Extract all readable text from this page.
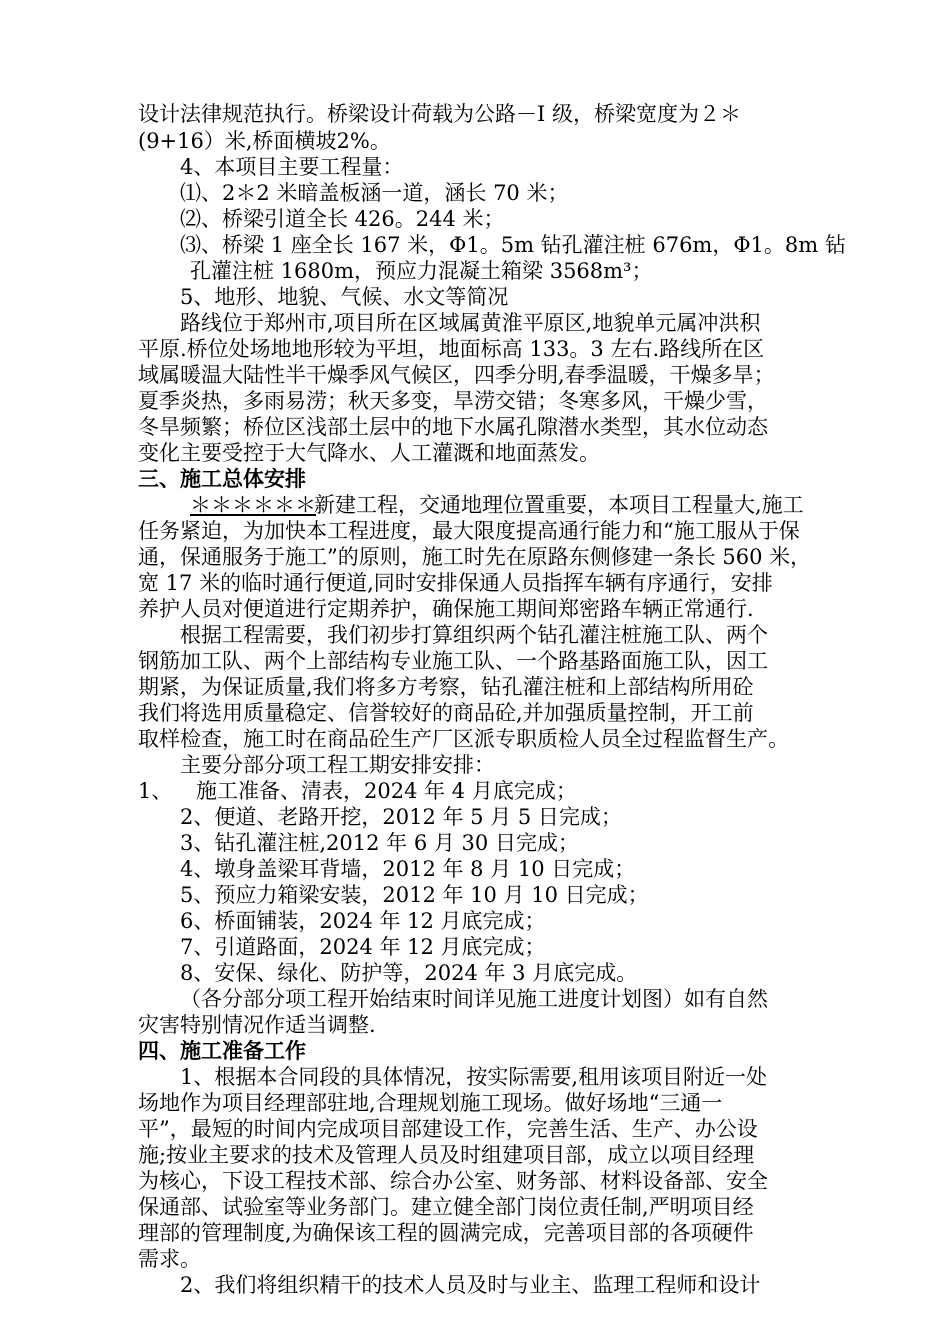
设计法律规范执行。桥梁设计荷载为公路－Ⅰ 级，桥梁宽度为２＊
(9+16）米,桥面横坡2%。
4、本项目主要工程量：
⑴、2＊2 米暗盖板涵一道，涵长 70 米；
⑵、桥梁引道全长 426。244 米；
⑶、桥梁 1 座全长 167 米，Φ1。5m 钻孔灌注桩 676m，Φ1。8m 钻
孔灌注桩 1680m，预应力混凝土箱梁 3568m³；
5、地形、地貌、气候、水文等简况
路线位于郑州市,项目所在区域属黄淮平原区,地貌单元属冲洪积
平原.桥位处场地地形较为平坦，地面标高 133。3 左右.路线所在区
域属暖温大陆性半干燥季风气候区，四季分明,春季温暖，干燥多旱；
夏季炎热，多雨易涝；秋天多变，旱涝交错；冬寒多风，干燥少雪，
冬旱频繁；桥位区浅部土层中的地下水属孔隙潜水类型，其水位动态
变化主要受控于大气降水、人工灌溉和地面蒸发。
三、施工总体安排
＊＊＊＊＊＊
新建工程，交通地理位置重要，本项目工程量大,施工
任务紧迫，为加快本工程进度，最大限度提高通行能力和“施工服从于保
通，保通服务于施工”的原则，施工时先在原路东侧修建一条长 560 米，
宽 17 米的临时通行便道,同时安排保通人员指挥车辆有序通行，安排
养护人员对便道进行定期养护，确保施工期间郑密路车辆正常通行.
根据工程需要，我们初步打算组织两个钻孔灌注桩施工队、两个
钢筋加工队、两个上部结构专业施工队、一个路基路面施工队，因工
期紧，为保证质量,我们将多方考察，钻孔灌注桩和上部结构所用砼
我们将选用质量稳定、信誉较好的商品砼,并加强质量控制，开工前
取样检查，施工时在商品砼生产厂区派专职质检人员全过程监督生产。
主要分部分项工程工期安排安排：
1、 施工准备、清表，2024 年 4 月底完成；
2、便道、老路开挖，2012 年 5 月 5 日完成；
3、钻孔灌注桩,2012 年 6 月 30 日完成；
4、墩身盖梁耳背墙，2012 年 8 月 10 日完成；
5、预应力箱梁安装，2012 年 10 月 10 日完成；
6、桥面铺装，2024 年 12 月底完成；
7、引道路面，2024 年 12 月底完成；
8、安保、绿化、防护等，2024 年 3 月底完成。
（各分部分项工程开始结束时间详见施工进度计划图）如有自然
灾害特别情况作适当调整.
四、施工准备工作
1、根据本合同段的具体情况，按实际需要,租用该项目附近一处
场地作为项目经理部驻地,合理规划施工现场。做好场地“三通一
平”，最短的时间内完成项目部建设工作，完善生活、生产、办公设
施;按业主要求的技术及管理人员及时组建项目部，成立以项目经理
为核心，下设工程技术部、综合办公室、财务部、材料设备部、安全
保通部、试验室等业务部门。建立健全部门岗位责任制,严明项目经
理部的管理制度,为确保该工程的圆满完成，完善项目部的各项硬件
需求。
2、我们将组织精干的技术人员及时与业主、监理工程师和设计
